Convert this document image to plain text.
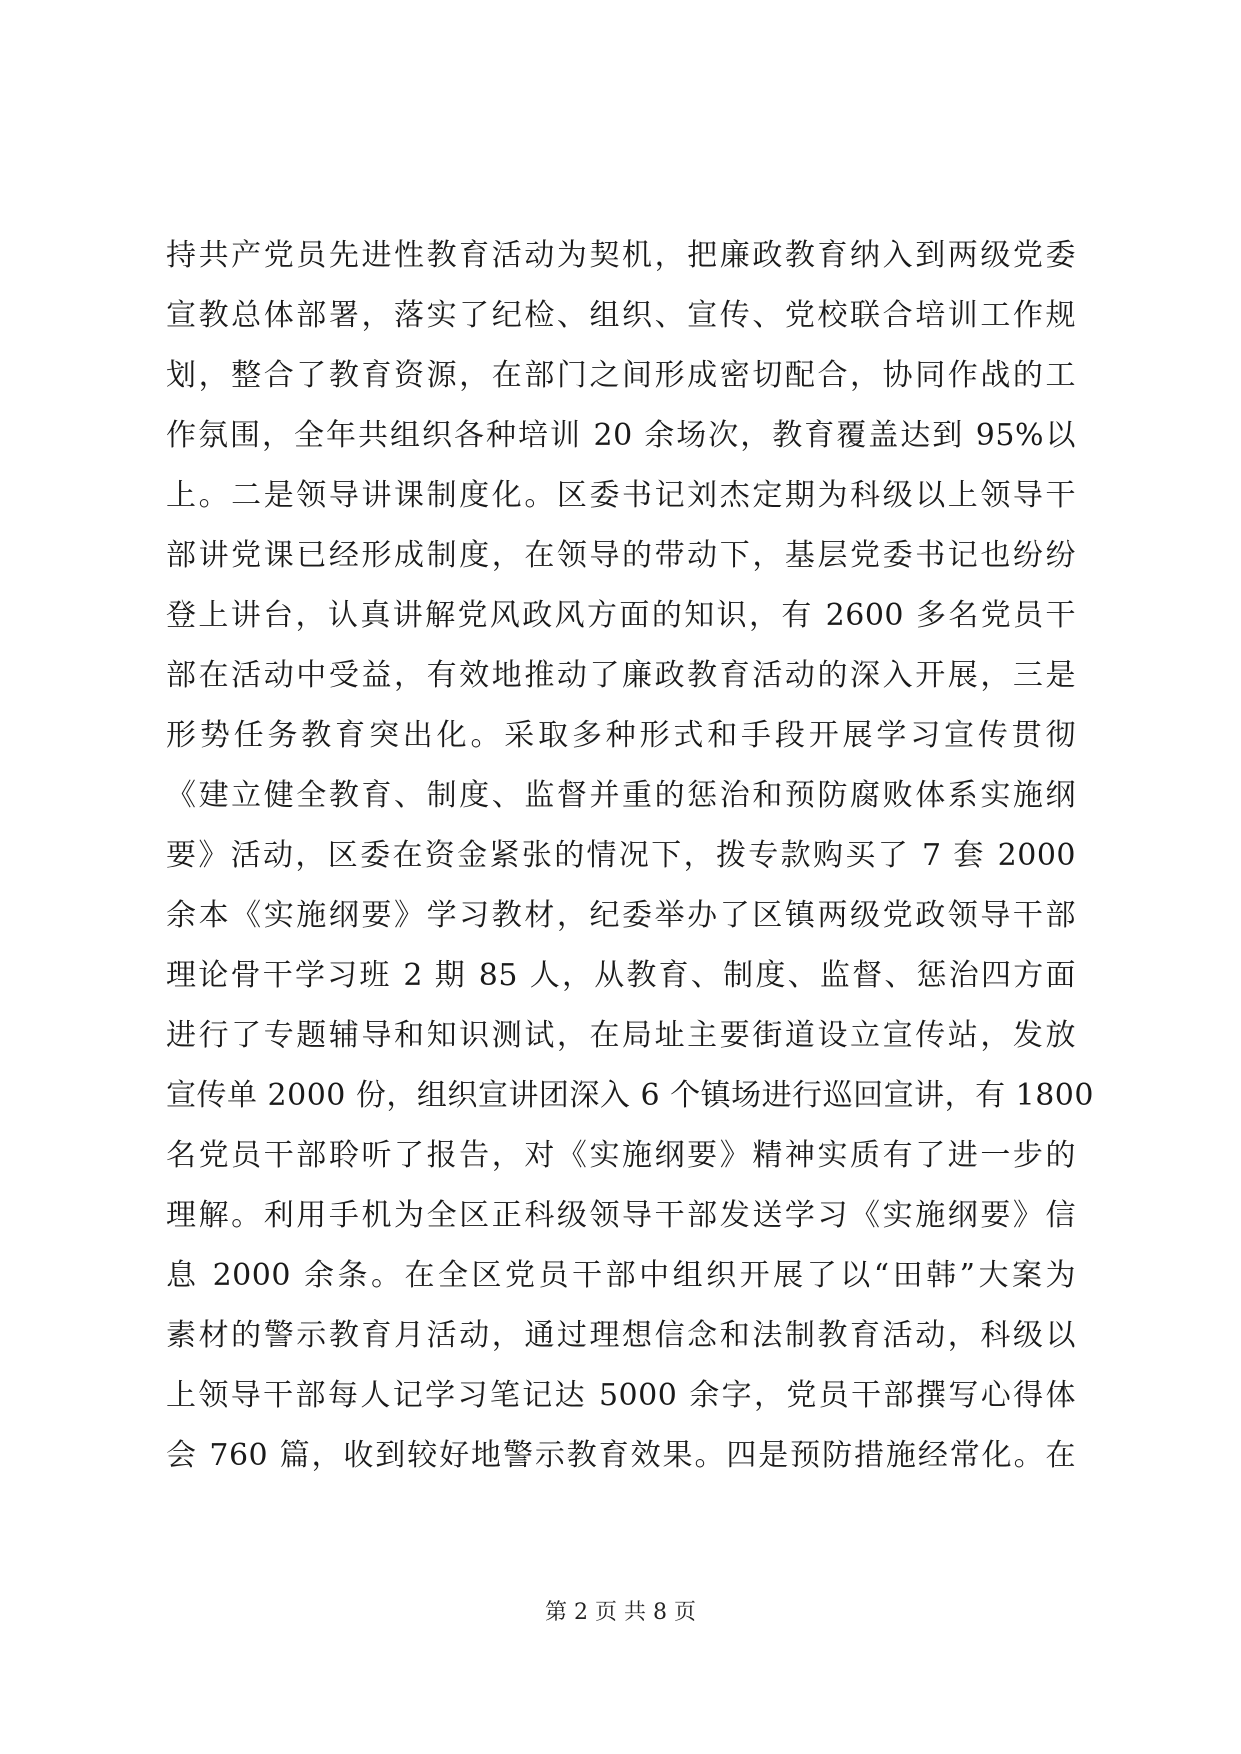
持共产党员先进性教育活动为契机，把廉政教育纳入到两级党委
宣教总体部署，落实了纪检、组织、宣传、党校联合培训工作规
划，整合了教育资源，在部门之间形成密切配合，协同作战的工
作氛围，全年共组织各种培训 20 余场次，教育覆盖达到 95%以
上。二是领导讲课制度化。区委书记刘杰定期为科级以上领导干
部讲党课已经形成制度，在领导的带动下，基层党委书记也纷纷
登上讲台，认真讲解党风政风方面的知识，有 2600 多名党员干
部在活动中受益，有效地推动了廉政教育活动的深入开展，三是
形势任务教育突出化。采取多种形式和手段开展学习宣传贯彻
《建立健全教育、制度、监督并重的惩治和预防腐败体系实施纲
要》活动，区委在资金紧张的情况下，拨专款购买了 7 套 2000
余本《实施纲要》学习教材，纪委举办了区镇两级党政领导干部
理论骨干学习班 2 期 85 人，从教育、制度、监督、惩治四方面
进行了专题辅导和知识测试，在局址主要街道设立宣传站，发放
宣传单 2000 份，组织宣讲团深入 6 个镇场进行巡回宣讲，有 1800
名党员干部聆听了报告，对《实施纲要》精神实质有了进一步的
理解。利用手机为全区正科级领导干部发送学习《实施纲要》信
息 2000 余条。在全区党员干部中组织开展了以“田韩”大案为
素材的警示教育月活动，通过理想信念和法制教育活动，科级以
上领导干部每人记学习笔记达 5000 余字，党员干部撰写心得体
会 760 篇，收到较好地警示教育效果。四是预防措施经常化。在
第 2 页 共 8 页
